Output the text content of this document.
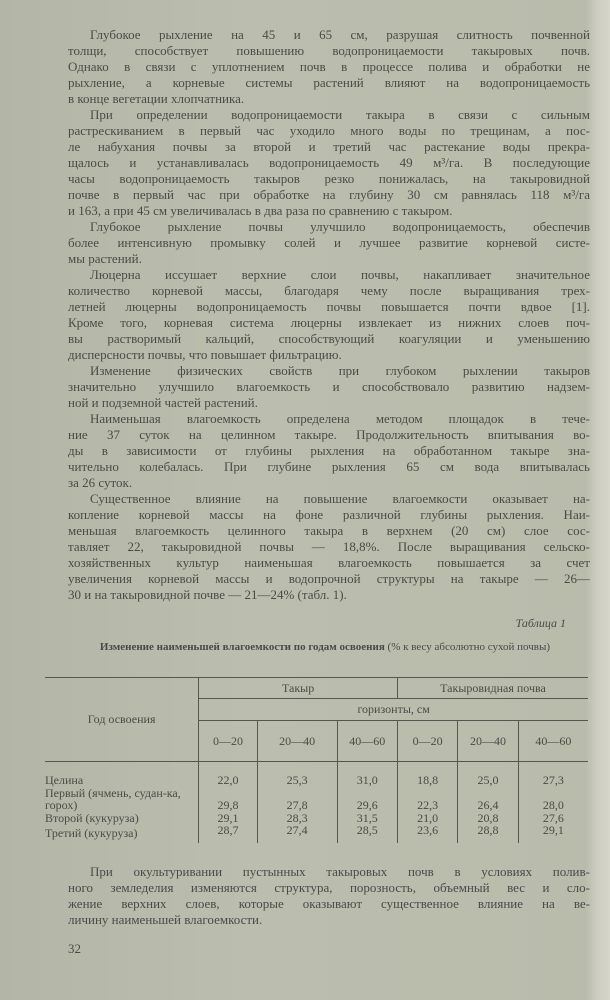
Глубокое рыхление на 45 и 65 см, разрушая слитность почвенной
толщи, способствует повышению водопроницаемости такыровых почв.
Однако в связи с уплотнением почв в процессе полива и обработки не
рыхление, а корневые системы растений влияют на водопроницаемость
в конце вегетации хлопчатника.
При определении водопроницаемости такыра в связи с сильным
растрескиванием в первый час уходило много воды по трещинам, а пос-
ле набухания почвы за второй и третий час растекание воды прекра-
щалось и устанавливалась водопроницаемость 49 м³/га. В последующие
часы водопроницаемость такыров резко понижалась, на такыровидной
почве в первый час при обработке на глубину 30 см равнялась 118 м³/га
и 163, а при 45 см увеличивалась в два раза по сравнению с такыром.
Глубокое рыхление почвы улучшило водопроницаемость, обеспечив
более интенсивную промывку солей и лучшее развитие корневой систе-
мы растений.
Люцерна иссушает верхние слои почвы, накапливает значительное
количество корневой массы, благодаря чему после выращивания трех-
летней люцерны водопроницаемость почвы повышается почти вдвое [1].
Кроме того, корневая система люцерны извлекает из нижних слоев поч-
вы растворимый кальций, способствующий коагуляции и уменьшению
дисперсности почвы, что повышает фильтрацию.
Изменение физических свойств при глубоком рыхлении такыров
значительно улучшило влагоемкость и способствовало развитию надзем-
ной и подземной частей растений.
Наименьшая влагоемкость определена методом площадок в тече-
ние 37 суток на целинном такыре. Продолжительность впитывания во-
ды в зависимости от глубины рыхления на обработанном такыре зна-
чительно колебалась. При глубине рыхления 65 см вода впитывалась
за 26 суток.
Существенное влияние на повышение влагоемкости оказывает на-
копление корневой массы на фоне различной глубины рыхления. Наи-
меньшая влагоемкость целинного такыра в верхнем (20 см) слое сос-
тавляет 22, такыровидной почвы — 18,8%. После выращивания сельско-
хозяйственных культур наименьшая влагоемкость повышается за счет
увеличения корневой массы и водопрочной структуры на такыре — 26—
30 и на такыровидной почве — 21—24% (табл. 1).
Таблица 1
Изменение наименьшей влагоемкости по годам освоения (% к весу абсолютно сухой почвы)
Год освоения	Такыр			Такыровидная почва		
	горизонты, см					
	0—20	20—40	40—60	0—20	20—40	40—60
Целина	22,0	25,3	31,0	18,8	25,0	27,3
Первый (ячмень, судан-ка, горох)	29,8	27,8	29,6	22,3	26,4	28,0
Второй (кукуруза)	29,1	28,3	31,5	21,0	20,8	27,6
Третий (кукуруза)	28,7	27,4	28,5	23,6	28,8	29,1
При окультуривании пустынных такыровых почв в условиях полив-
ного земледелия изменяются структура, порозность, объемный вес и сло-
жение верхних слоев, которые оказывают существенное влияние на ве-
личину наименьшей влагоемкости.
32
